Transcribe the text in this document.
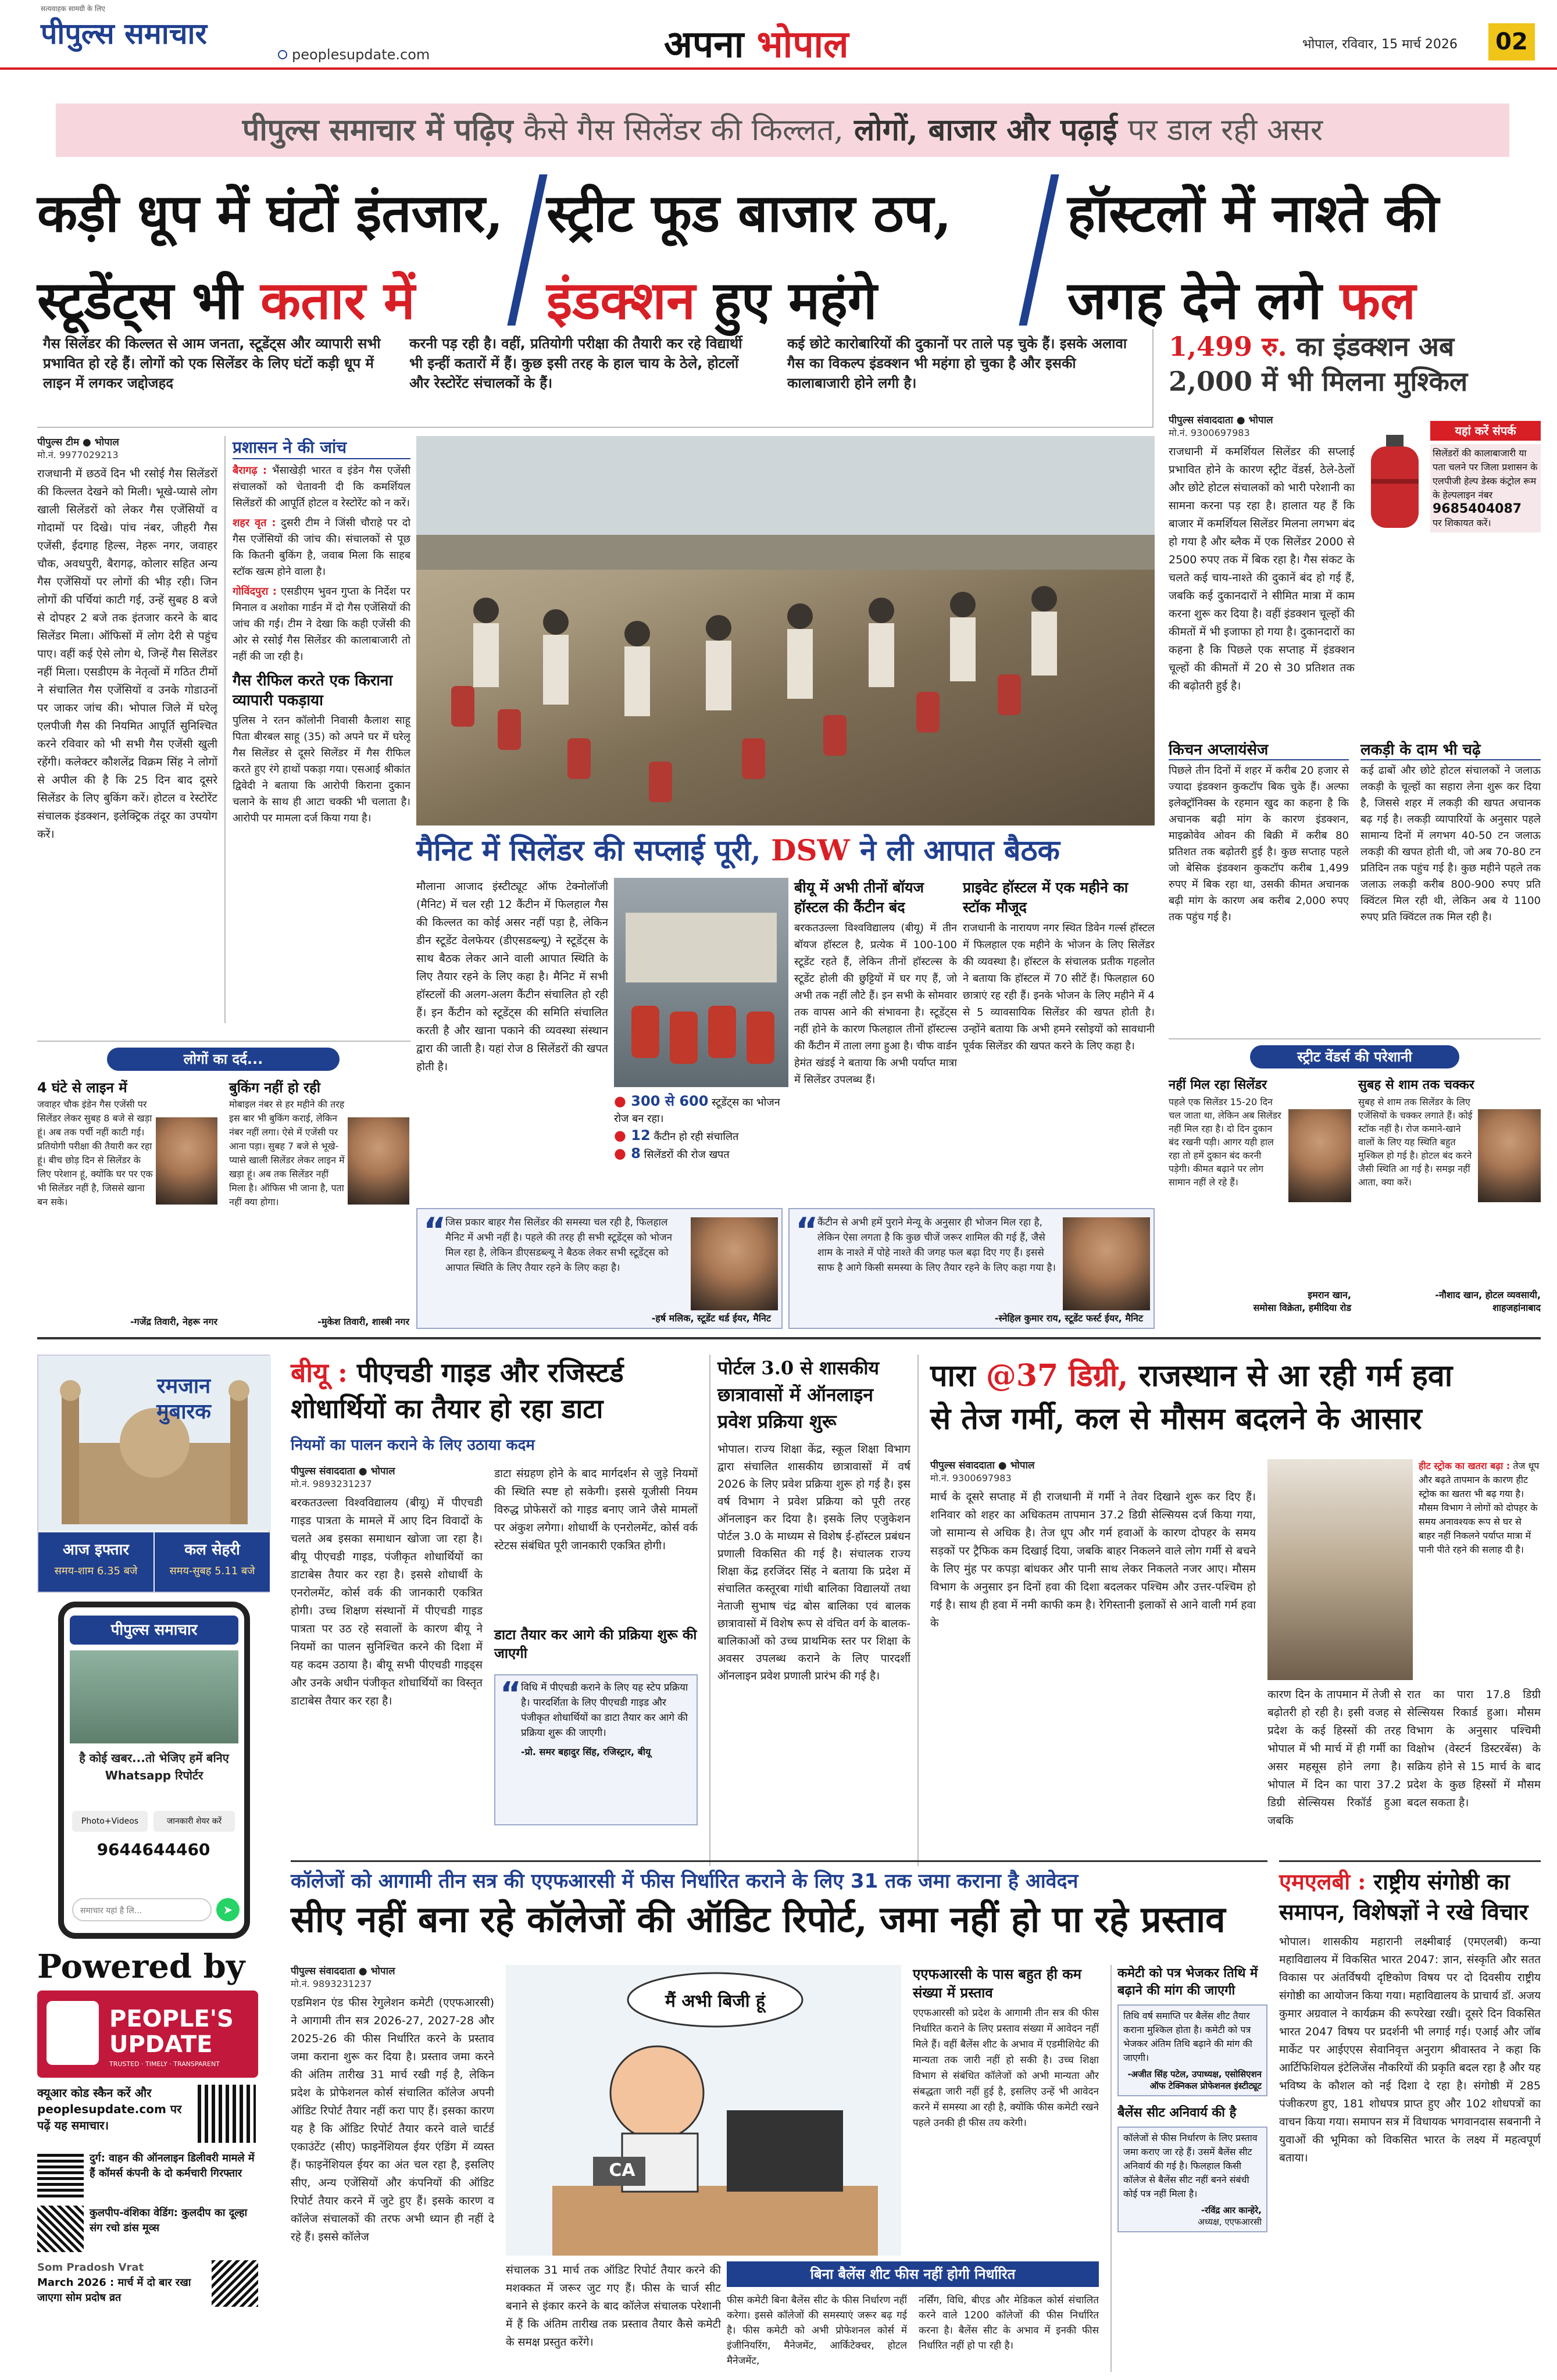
सत्यवाहक सामग्री के लिए
पीपुल्स समाचार
peoplesupdate.com	अपना भोपाल	भोपाल, रविवार, 15 मार्च 2026	02
पीपुल्स समाचार में पढ़िए कैसे गैस सिलेंडर की किल्लत, लोगों, बाजार और पढ़ाई पर डाल रही असर
कड़ी धूप में घंटों इंतजार,
स्टूडेंट्स भी कतार में
स्ट्रीट फूड बाजार ठप,
इंडक्शन हुए महंगे
हॉस्टलों में नाश्ते की
जगह देने लगे फल
गैस सिलेंडर की किल्लत से आम जनता, स्टूडेंट्स और व्यापारी सभी प्रभावित हो रहे हैं। लोगों को एक सिलेंडर के लिए घंटों कड़ी धूप में लाइन में लगकर जद्दोजहद
करनी पड़ रही है। वहीं, प्रतियोगी परीक्षा की तैयारी कर रहे विद्यार्थी भी इन्हीं कतारों में हैं। कुछ इसी तरह के हाल चाय के ठेले, होटलों और रेस्टोरेंट संचालकों के हैं।
कई छोटे कारोबारियों की दुकानों पर ताले पड़ चुके हैं। इसके अलावा गैस का विकल्प इंडक्शन भी महंगा हो चुका है और इसकी कालाबाजारी होने लगी है।
पीपुल्स टीम ● भोपाल
मो.नं. 9977029213
राजधानी में छठवें दिन भी रसोई गैस सिलेंडरों की किल्लत देखने को मिली। भूखे-प्यासे लोग खाली सिलेंडरों को लेकर गैस एजेंसियों व गोदामों पर दिखे। पांच नंबर, जीहरी गैस एजेंसी, ईदगाह हिल्स, नेहरू नगर, जवाहर चौक, अवधपुरी, बैरागढ़, कोलार सहित अन्य गैस एजेंसियों पर लोगों की भीड़ रही। जिन लोगों की पर्चियां काटी गई, उन्हें सुबह 8 बजे से दोपहर 2 बजे तक इंतजार करने के बाद सिलेंडर मिला। ऑफिसों में लोग देरी से पहुंच पाए। वहीं कई ऐसे लोग थे, जिन्हें गैस सिलेंडर नहीं मिला। एसडीएम के नेतृत्वों में गठित टीमों ने संचालित गैस एजेंसियों व उनके गोडाउनों पर जाकर जांच की। भोपाल जिले में घरेलू एलपीजी गैस की नियमित आपूर्ति सुनिश्चित करने रविवार को भी सभी गैस एजेंसी खुली रहेंगी। कलेक्टर कौशलेंद्र विक्रम सिंह ने लोगों से अपील की है कि 25 दिन बाद दूसरे सिलेंडर के लिए बुकिंग करें। होटल व रेस्टोरेंट संचालक इंडक्शन, इलेक्ट्रिक तंदूर का उपयोग करें।
प्रशासन ने की जांच
बैरागढ़ : भैंसाखेड़ी भारत व इंडेन गैस एजेंसी संचालकों को चेतावनी दी कि कमर्शियल सिलेंडरों की आपूर्ति होटल व रेस्टोरेंट को न करें।
शहर वृत : दुसरी टीम ने जिंसी चौराहे पर दो गैस एजेंसियों की जांच की। संचालकों से पूछ कि कितनी बुकिंग है, जवाब मिला कि साहब स्टॉक खत्म होने वाला है।
गोविंदपुरा : एसडीएम भुवन गुप्ता के निर्देश पर मिनाल व अशोका गार्डन में दो गैस एजेंसियों की जांच की गई। टीम ने देखा कि कही एजेंसी की ओर से रसोई गैस सिलेंडर की कालाबाजारी तो नहीं की जा रही है।
गैस रीफिल करते एक किराना व्यापारी पकड़ाया
पुलिस ने रतन कॉलोनी निवासी कैलाश साहू पिता बीरबल साहू (35) को अपने घर में घरेलू गैस सिलेंडर से दूसरे सिलेंडर में गैस रीफिल करते हुए रंगे हाथों पकड़ा गया। एसआई श्रीकांत द्विवेदी ने बताया कि आरोपी किराना दुकान चलाने के साथ ही आटा चक्की भी चलाता है। आरोपी पर मामला दर्ज किया गया है।
मैनिट में सिलेंडर की सप्लाई पूरी, DSW ने ली आपात बैठक
मौलाना आजाद इंस्टीट्यूट ऑफ टेक्नोलॉजी (मैनिट) में चल रही 12 कैंटीन में फिलहाल गैस की किल्लत का कोई असर नहीं पड़ा है, लेकिन डीन स्टूडेंट वेलफेयर (डीएसडब्ल्यू) ने स्टूडेंट्स के साथ बैठक लेकर आने वाली आपात स्थिति के लिए तैयार रहने के लिए कहा है। मैनिट में सभी हॉस्टलों की अलग-अलग कैंटीन संचालित हो रही हैं। इन कैंटीन को स्टूडेंट्स की समिति संचालित करती है और खाना पकाने की व्यवस्था संस्थान द्वारा की जाती है। यहां रोज 8 सिलेंडरों की खपत होती है।
● 300 से 600 स्टूडेंट्स का भोजन रोज बन रहा।
● 12 कैंटीन हो रही संचालित
● 8 सिलेंडरों की रोज खपत
बीयू में अभी तीनों बॉयज हॉस्टल की कैंटीन बंद
बरकतउल्ला विश्वविद्यालय (बीयू) में तीन बॉयज हॉस्टल है, प्रत्येक में 100-100 स्टूडेंट रहते हैं, लेकिन तीनों हॉस्टल्स के स्टूडेंट होली की छुट्टियों में घर गए हैं, जो अभी तक नहीं लौटे हैं। इन सभी के सोमवार तक वापस आने की संभावना है। स्टूडेंट्स नहीं होने के कारण फिलहाल तीनों हॉस्टल्स की कैंटीन में ताला लगा हुआ है। चीफ वार्डन हेमंत खंडई ने बताया कि अभी पर्याप्त मात्रा में सिलेंडर उपलब्ध हैं।
प्राइवेट हॉस्टल में एक महीने का स्टॉक मौजूद
राजधानी के नारायण नगर स्थित डिवेन गर्ल्स हॉस्टल में फिलहाल एक महीने के भोजन के लिए सिलेंडर की व्यवस्था है। हॉस्टल के संचालक प्रतीक गहलोत ने बताया कि हॉस्टल में 70 सीटें हैं। फिलहाल 60 छात्राएं रह रही हैं। इनके भोजन के लिए महीने में 4 से 5 व्यावसायिक सिलेंडर की खपत होती है। उन्होंने बताया कि अभी हमने रसोइयों को सावधानी पूर्वक सिलेंडर की खपत करने के लिए कहा है।
“
जिस प्रकार बाहर गैस सिलेंडर की समस्या चल रही है, फिलहाल मैनिट में अभी नहीं है। पहले की तरह ही सभी स्टूडेंट्स को भोजन मिल रहा है, लेकिन डीएसडब्ल्यू ने बैठक लेकर सभी स्टूडेंट्स को आपात स्थिति के लिए तैयार रहने के लिए कहा है।
-हर्ष मलिक, स्टूडेंट थर्ड ईयर, मैनिट
“
कैंटीन से अभी हमें पुराने मेन्यू के अनुसार ही भोजन मिल रहा है, लेकिन ऐसा लगता है कि कुछ चीजें जरूर शामिल की गई हैं, जैसे शाम के नाश्ते में पोहे नाश्ते की जगह फल बढ़ा दिए गए हैं। इससे साफ है आगे किसी समस्या के लिए तैयार रहने के लिए कहा गया है।
-स्नेहिल कुमार राय, स्टूडेंट फर्स्ट ईयर, मैनिट
लोगों का दर्द...
4 घंटे से लाइन में
जवाहर चौक इंडेन गैस एजेंसी पर सिलेंडर लेकर सुबह 8 बजे से खड़ा हूं। अब तक पर्ची नहीं काटी गई। प्रतियोगी परीक्षा की तैयारी कर रहा हूं। बीच छोड़ दिन से सिलेंडर के लिए परेशान हूं, क्योंकि घर पर एक भी सिलेंडर नहीं है, जिससे खाना बन सके।
-गजेंद्र तिवारी, नेहरू नगर
बुकिंग नहीं हो रही
मोबाइल नंबर से हर महीने की तरह इस बार भी बुकिंग कराई, लेकिन नंबर नहीं लगा। ऐसे में एजेंसी पर आना पड़ा। सुबह 7 बजे से भूखे-प्यासे खाली सिलेंडर लेकर लाइन में खड़ा हूं। अब तक सिलेंडर नहीं मिला है। ऑफिस भी जाना है, पता नहीं क्या होगा।
-मुकेश तिवारी, शास्त्री नगर
1,499 रु. का इंडक्शन अब
2,000 में भी मिलना मुश्किल
पीपुल्स संवाददाता ● भोपाल
मो.नं. 9300697983
राजधानी में कमर्शियल सिलेंडर की सप्लाई प्रभावित होने के कारण स्ट्रीट वेंडर्स, ठेले-ठेलों और छोटे होटल संचालकों को भारी परेशानी का सामना करना पड़ रहा है। हालात यह हैं कि बाजार में कमर्शियल सिलेंडर मिलना लगभग बंद हो गया है और ब्लैक में एक सिलेंडर 2000 से 2500 रुपए तक में बिक रहा है। गैस संकट के चलते कई चाय-नाश्ते की दुकानें बंद हो गई हैं, जबकि कई दुकानदारों ने सीमित मात्रा में काम करना शुरू कर दिया है। वहीं इंडक्शन चूल्हों की कीमतों में भी इजाफा हो गया है। दुकानदारों का कहना है कि पिछले एक सप्ताह में इंडक्शन चूल्हों की कीमतों में 20 से 30 प्रतिशत तक की बढ़ोतरी हुई है।
यहां करें संपर्क
सिलेंडरों की कालाबाजारी या पता चलने पर जिला प्रशासन के एलपीजी हेल्प डेस्क कंट्रोल रूम के हेल्पलाइन नंबर
9685404087
पर शिकायत करें।
किचन अप्लायंसेज
पिछले तीन दिनों में शहर में करीब 20 हजार से ज्यादा इंडक्शन कुकटॉप बिक चुके हैं। अल्फा इलेक्ट्रॉनिक्स के रहमान खुद का कहना है कि अचानक बढ़ी मांग के कारण इंडक्शन, माइक्रोवेव ओवन की बिक्री में करीब 80 प्रतिशत तक बढ़ोतरी हुई है। कुछ सप्ताह पहले जो बेसिक इंडक्शन कुकटॉप करीब 1,499 रुपए में बिक रहा था, उसकी कीमत अचानक बढ़ी मांग के कारण अब करीब 2,000 रुपए तक पहुंच गई है।
लकड़ी के दाम भी चढ़े
कई ढाबों और छोटे होटल संचालकों ने जलाऊ लकड़ी के चूल्हों का सहारा लेना शुरू कर दिया है, जिससे शहर में लकड़ी की खपत अचानक बढ़ गई है। लकड़ी व्यापारियों के अनुसार पहले सामान्य दिनों में लगभग 40-50 टन जलाऊ लकड़ी की खपत होती थी, जो अब 70-80 टन प्रतिदिन तक पहुंच गई है। कुछ महीने पहले तक जलाऊ लकड़ी करीब 800-900 रुपए प्रति क्विंटल मिल रही थी, लेकिन अब ये 1100 रुपए प्रति क्विंटल तक मिल रही है।
स्ट्रीट वेंडर्स की परेशानी
नहीं मिल रहा सिलेंडर
पहले एक सिलेंडर 15-20 दिन चल जाता था, लेकिन अब सिलेंडर नहीं मिल रहा है। दो दिन दुकान बंद रखनी पड़ी। आगर यही हाल रहा तो हमें दुकान बंद करनी पड़ेगी। कीमत बढ़ाने पर लोग सामान नहीं ले रहे हैं।
इमरान खान,
समोसा विक्रेता, हमीदिया रोड
सुबह से शाम तक चक्कर
सुबह से शाम तक सिलेंडर के लिए एजेंसियों के चक्कर लगाते हैं। कोई स्टॉक नहीं है। रोज कमाने-खाने वालों के लिए यह स्थिति बहुत मुश्किल हो गई है। होटल बंद करने जैसी स्थिति आ गई है। समझ नहीं आता, क्या करें।
-नौशाद खान, होटल व्यवसायी,
शाहजहांनाबाद
रमजान
मुबारक
आज इफ्तार
समय-शाम 6.35 बजे
कल सेहरी
समय-सुबह 5.11 बजे
पीपुल्स समाचार
है कोई खबर...तो भेजिए हमें बनिए Whatsapp रिपोर्टर
Photo+Videos	जानकारी शेयर करें
9644644460
समाचार यहां है लि...	➤
Powered by
PEOPLE'S
UPDATE
TRUSTED · TIMELY · TRANSPARENT
क्यूआर कोड स्कैन करें और peoplesupdate.com पर पढ़ें यह समाचार।
दुर्ग: वाहन की ऑनलाइन डिलीवरी मामले में हैं कॉमर्स कंपनी के दो कर्मचारी गिरफ्तार
कुलपीप-वंशिका वेडिंग: कुलदीप का दूल्हा संग रचो डांस मूव्स
Som Pradosh Vrat
March 2026 : मार्च में दो बार रखा जाएगा सोम प्रदोष व्रत
बीयू : पीएचडी गाइड और रजिस्टर्ड
शोधार्थियों का तैयार हो रहा डाटा
नियमों का पालन कराने के लिए उठाया कदम
पीपुल्स संवाददाता ● भोपाल
मो.नं. 9893231237
बरकतउल्ला विश्वविद्यालय (बीयू) में पीएचडी गाइड पात्रता के मामले में आए दिन विवादों के चलते अब इसका समाधान खोजा जा रहा है। बीयू पीएचडी गाइड, पंजीकृत शोधार्थियों का डाटाबेस तैयार कर रहा है। इससे शोधार्थी के एनरोलमेंट, कोर्स वर्क की जानकारी एकत्रित होगी। उच्च शिक्षण संस्थानों में पीएचडी गाइड पात्रता पर उठ रहे सवालों के कारण बीयू ने नियमों का पालन सुनिश्चित करने की दिशा में यह कदम उठाया है। बीयू सभी पीएचडी गाइड्स और उनके अधीन पंजीकृत शोधार्थियों का विस्तृत डाटाबेस तैयार कर रहा है।
डाटा संग्रहण होने के बाद मार्गदर्शन से जुड़े नियमों की स्थिति स्पष्ट हो सकेगी। इससे यूजीसी नियम विरुद्ध प्रोफेसरों को गाइड बनाए जाने जैसे मामलों पर अंकुश लगेगा। शोधार्थी के एनरोलमेंट, कोर्स वर्क स्टेटस संबंधित पूरी जानकारी एकत्रित होगी।
डाटा तैयार कर आगे की प्रक्रिया शुरू की जाएगी
“ विधि में पीएचडी कराने के लिए यह स्टेप प्रक्रिया है। पारदर्शिता के लिए पीएचडी गाइड और पंजीकृत शोधार्थियों का डाटा तैयार कर आगे की प्रक्रिया शुरू की जाएगी।
-प्रो. समर बहादुर सिंह, रजिस्ट्रार, बीयू
पोर्टल 3.0 से शासकीय छात्रावासों में ऑनलाइन प्रवेश प्रक्रिया शुरू
भोपाल। राज्य शिक्षा केंद्र, स्कूल शिक्षा विभाग द्वारा संचालित शासकीय छात्रावासों में वर्ष 2026 के लिए प्रवेश प्रक्रिया शुरू हो गई है। इस वर्ष विभाग ने प्रवेश प्रक्रिया को पूरी तरह ऑनलाइन कर दिया है। इसके लिए एजुकेशन पोर्टल 3.0 के माध्यम से विशेष ई-हॉस्टल प्रबंधन प्रणाली विकसित की गई है। संचालक राज्य शिक्षा केंद्र हरजिंदर सिंह ने बताया कि प्रदेश में संचालित कस्तूरबा गांधी बालिका विद्यालयों तथा नेताजी सुभाष चंद्र बोस बालिका एवं बालक छात्रावासों में विशेष रूप से वंचित वर्ग के बालक-बालिकाओं को उच्च प्राथमिक स्तर पर शिक्षा के अवसर उपलब्ध कराने के लिए पारदर्शी ऑनलाइन प्रवेश प्रणाली प्रारंभ की गई है।
पारा @37 डिग्री, राजस्थान से आ रही गर्म हवा
से तेज गर्मी, कल से मौसम बदलने के आसार
पीपुल्स संवाददाता ● भोपाल
मो.नं. 9300697983
मार्च के दूसरे सप्ताह में ही राजधानी में गर्मी ने तेवर दिखाने शुरू कर दिए हैं। शनिवार को शहर का अधिकतम तापमान 37.2 डिग्री सेल्सियस दर्ज किया गया, जो सामान्य से अधिक है। तेज धूप और गर्म हवाओं के कारण दोपहर के समय सड़कों पर ट्रैफिक कम दिखाई दिया, जबकि बाहर निकलने वाले लोग गर्मी से बचने के लिए मुंह पर कपड़ा बांधकर और पानी साथ लेकर निकलते नजर आए। मौसम विभाग के अनुसार इन दिनों हवा की दिशा बदलकर पश्चिम और उत्तर-पश्चिम हो गई है। साथ ही हवा में नमी काफी कम है। रेगिस्तानी इलाकों से आने वाली गर्म हवा के
हीट स्ट्रोक का खतरा बढ़ा : तेज धूप और बढ़ते तापमान के कारण हीट स्ट्रोक का खतरा भी बढ़ गया है। मौसम विभाग ने लोगों को दोपहर के समय अनावश्यक रूप से घर से बाहर नहीं निकलने पर्याप्त मात्रा में पानी पीते रहने की सलाह दी है।
कारण दिन के तापमान में तेजी से बढ़ोतरी हो रही है। इसी वजह से प्रदेश के कई हिस्सों की तरह भोपाल में भी मार्च में ही गर्मी का असर महसूस होने लगा है। भोपाल में दिन का पारा 37.2 डिग्री सेल्सियस रिकॉर्ड हुआ जबकि
रात का पारा 17.8 डिग्री सेल्सियस रिकार्ड हुआ। मौसम विभाग के अनुसार पश्चिमी विक्षोभ (वेस्टर्न डिस्टरबेंस) के सक्रिय होने से 15 मार्च के बाद प्रदेश के कुछ हिस्सों में मौसम बदल सकता है।
कॉलेजों को आगामी तीन सत्र की एएफआरसी में फीस निर्धारित कराने के लिए 31 तक जमा कराना है आवेदन
सीए नहीं बना रहे कॉलेजों की ऑडिट रिपोर्ट, जमा नहीं हो पा रहे प्रस्ताव
पीपुल्स संवाददाता ● भोपाल
मो.नं. 9893231237
एडमिशन एंड फीस रेगुलेशन कमेटी (एएफआरसी) ने आगामी तीन सत्र 2026-27, 2027-28 और 2025-26 की फीस निर्धारित करने के प्रस्ताव जमा कराना शुरू कर दिया है। प्रस्ताव जमा करने की अंतिम तारीख 31 मार्च रखी गई है, लेकिन प्रदेश के प्रोफेशनल कोर्स संचालित कॉलेज अपनी ऑडिट रिपोर्ट तैयार नहीं करा पाए हैं। इसका कारण यह है कि ऑडिट रिपोर्ट तैयार करने वाले चार्टर्ड एकाउंटेंट (सीए) फाइनेंशियल ईयर एंडिंग में व्यस्त हैं। फाइनेंशियल ईयर का अंत चल रहा है, इसलिए सीए, अन्य एजेंसियों और कंपनियों की ऑडिट रिपोर्ट तैयार करने में जुटे हुए हैं। इसके कारण व कॉलेज संचालकों की तरफ अभी ध्यान ही नहीं दे रहे हैं। इससे कॉलेज
मैं अभी बिजी हूं
CA
संचालक 31 मार्च तक ऑडिट रिपोर्ट तैयार करने की मशक्कत में जरूर जुट गए हैं। फीस के चार्ज सीट बनाने से इंकार करने के बाद कॉलेज संचालक परेशानी में हैं कि अंतिम तारीख तक प्रस्ताव तैयार कैसे कमेटी के समक्ष प्रस्तुत करेंगे।
बिना बैलेंस शीट फीस नहीं होगी निर्धारित
फीस कमेटी बिना बैलेंस सीट के फीस निर्धारण नहीं करेगा। इससे कॉलेजों की समस्याएं जरूर बढ़ गई है। फीस कमेटी को अभी प्रोफेशनल कोर्स में इंजीनियरिंग, मैनेजमेंट, आर्किटेक्चर, होटल मैनेजमेंट,
नर्सिंग, विधि, बीएड और मेडिकल कोर्स संचालित करने वाले 1200 कॉलेजों की फीस निर्धारित करना है। बैलेंस सीट के अभाव में इनकी फीस निर्धारित नहीं हो पा रही है।
एएफआरसी के पास बहुत ही कम संख्या में प्रस्ताव
एएफआरसी को प्रदेश के आगामी तीन सत्र की फीस निर्धारित कराने के लिए प्रस्ताव संख्या में आवेदन नहीं मिले हैं। वहीं बैलेंस शीट के अभाव में एडमीशियेट की मान्यता तक जारी नहीं हो सकी है। उच्च शिक्षा विभाग से संबंधित कॉलेजों को अभी मान्यता और संबद्धता जारी नहीं हुई है, इसलिए उन्हें भी आवेदन करने में समस्या आ रही है, क्योंकि फीस कमेटी रखने पहले उनकी ही फीस तय करेगी।
कमेटी को पत्र भेजकर तिथि में बढ़ाने की मांग की जाएगी
तिथि वर्ष समाप्ति पर बैलेंस शीट तैयार कराना मुश्किल होता है। कमेटी को पत्र भेजकर अंतिम तिथि बढ़ाने की मांग की जाएगी।
-अजीत सिंह पटेल, उपाध्यक्ष, एसोसिएशन ऑफ टेक्निकल प्रोफेशनल इंस्टीट्यूट
बैलेंस सीट अनिवार्य की है
कॉलेजों से फीस निर्धारण के लिए प्रस्ताव जमा कराए जा रहे हैं। उसमें बैलेंस सीट अनिवार्य की गई है। फिलहाल किसी कॉलेज से बैलेंस सीट नहीं बनने संबंधी कोई पत्र नहीं मिला है।
-रविंद्र आर कान्हेरे,
अध्यक्ष, एएफआरसी
एमएलबी : राष्ट्रीय संगोष्ठी का समापन, विशेषज्ञों ने रखे विचार
भोपाल। शासकीय महारानी लक्ष्मीबाई (एमएलबी) कन्या महाविद्यालय में विकसित भारत 2047: ज्ञान, संस्कृति और सतत विकास पर अंतर्विषयी दृष्टिकोण विषय पर दो दिवसीय राष्ट्रीय संगोष्ठी का आयोजन किया गया। महाविद्यालय के प्राचार्य डॉ. अजय कुमार अग्रवाल ने कार्यक्रम की रूपरेखा रखी। दूसरे दिन विकसित भारत 2047 विषय पर प्रदर्शनी भी लगाई गई। एआई और जॉब मार्केट पर आईएएस सेवानिवृत्त अनुराग श्रीवास्तव ने कहा कि आर्टिफिशियल इंटेलिजेंस नौकरियों की प्रकृति बदल रहा है और यह भविष्य के कौशल को नई दिशा दे रहा है। संगोष्ठी में 285 पंजीकरण हुए, 181 शोधपत्र प्राप्त हुए और 102 शोधपत्रों का वाचन किया गया। समापन सत्र में विधायक भगवानदास सबनानी ने युवाओं की भूमिका को विकसित भारत के लक्ष्य में महत्वपूर्ण बताया।
